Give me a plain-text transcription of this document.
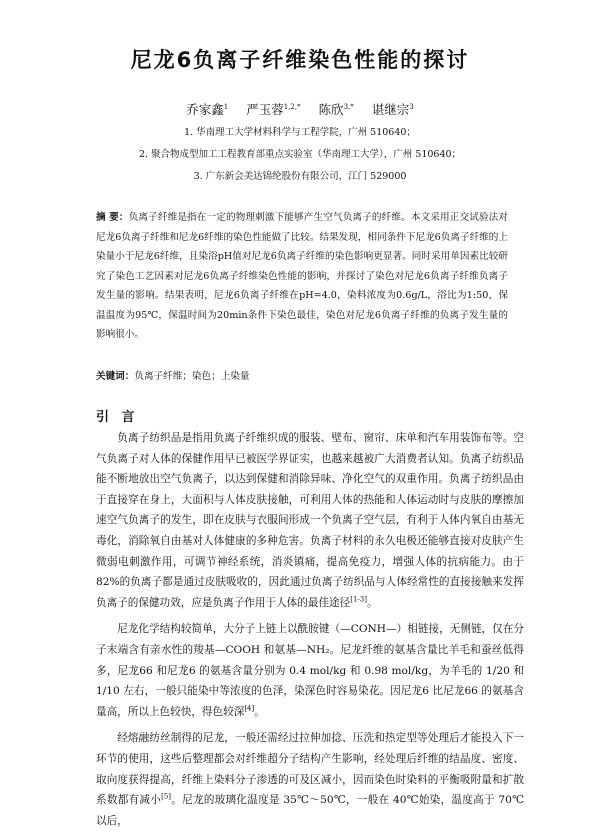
尼龙6负离子纤维染色性能的探讨
乔家鑫$^1$ 严玉蓉$^{1,2,*}$ 陈欣$^{3,*}$ 谌继宗$^3$
1. 华南理工大学材料科学与工程学院，广州 510640；
2. 聚合物成型加工工程教育部重点实验室（华南理工大学），广州 510640；
3. 广东新会美达锦纶股份有限公司，江门 529000
摘 要：负离子纤维是指在一定的物理刺激下能够产生空气负离子的纤维。本文采用正交试验法对尼龙6负离子纤维和尼龙6纤维的染色性能做了比较。结果发现，相同条件下尼龙6负离子纤维的上染量小于尼龙6纤维，且染浴pH值对尼龙6负离子纤维的染色影响更显著。同时采用单因素比较研究了染色工艺因素对尼龙6负离子纤维染色性能的影响，并探讨了染色对尼龙6负离子纤维负离子发生量的影响。结果表明，尼龙6负离子纤维在pH=4.0，染料浓度为0.6g/L，浴比为1:50，保温温度为95℃，保温时间为20min条件下染色最佳，染色对尼龙6负离子纤维的负离子发生量的影响很小。
关键词：负离子纤维；染色；上染量
引 言

负离子纺织品是指用负离子纤维织成的服装、壁布、窗帘、床单和汽车用装饰布等。空气负离子对人体的保健作用早已被医学界证实，也越来越被广大消费者认知。负离子纺织品能不断地放出空气负离子，以达到保健和消除异味、净化空气的双重作用。负离子纺织品由于直接穿在身上，大面积与人体皮肤接触，可利用人体的热能和人体运动时与皮肤的摩擦加速空气负离子的发生，即在皮肤与衣服间形成一个负离子空气层，有利于人体内氧自由基无毒化，消除氧自由基对人体健康的多种危害。负离子材料的永久电极还能够直接对皮肤产生微弱电刺激作用，可调节神经系统，消炎镇痛，提高免疫力，增强人体的抗病能力。由于82%的负离子都是通过皮肤吸收的，因此通过负离子纺织品与人体经常性的直接接触来发挥负离子的保健功效，应是负离子作用于人体的最佳途径[1-3]。

尼龙化学结构较简单，大分子上链上以酰胺键（—CONH—）相链接，无侧链，仅在分子末端含有亲水性的羧基—COOH 和氨基—NH₂。尼龙纤维的氨基含量比羊毛和蚕丝低得多，尼龙66 和尼龙6 的氨基含量分别为 0.4 mol/kg 和 0.98 mol/kg，为羊毛的 1/20 和 1/10 左右，一般只能染中等浓度的色泽，染深色时容易染花。因尼龙6 比尼龙66 的氨基含量高，所以上色较快，得色较深[4]。

经熔融纺丝制得的尼龙，一般还需经过拉伸加捻、压洗和热定型等处理后才能投入下一环节的使用，这些后整理都会对纤维超分子结构产生影响，经处理后纤维的结晶度、密度、取向度获得提高，纤维上染料分子渗透的可及区减小，因而染色时染料的平衡吸附量和扩散系数都有减小[5]。尼龙的玻璃化温度是 35℃～50℃，一般在 40℃始染，温度高于 70℃以后，
